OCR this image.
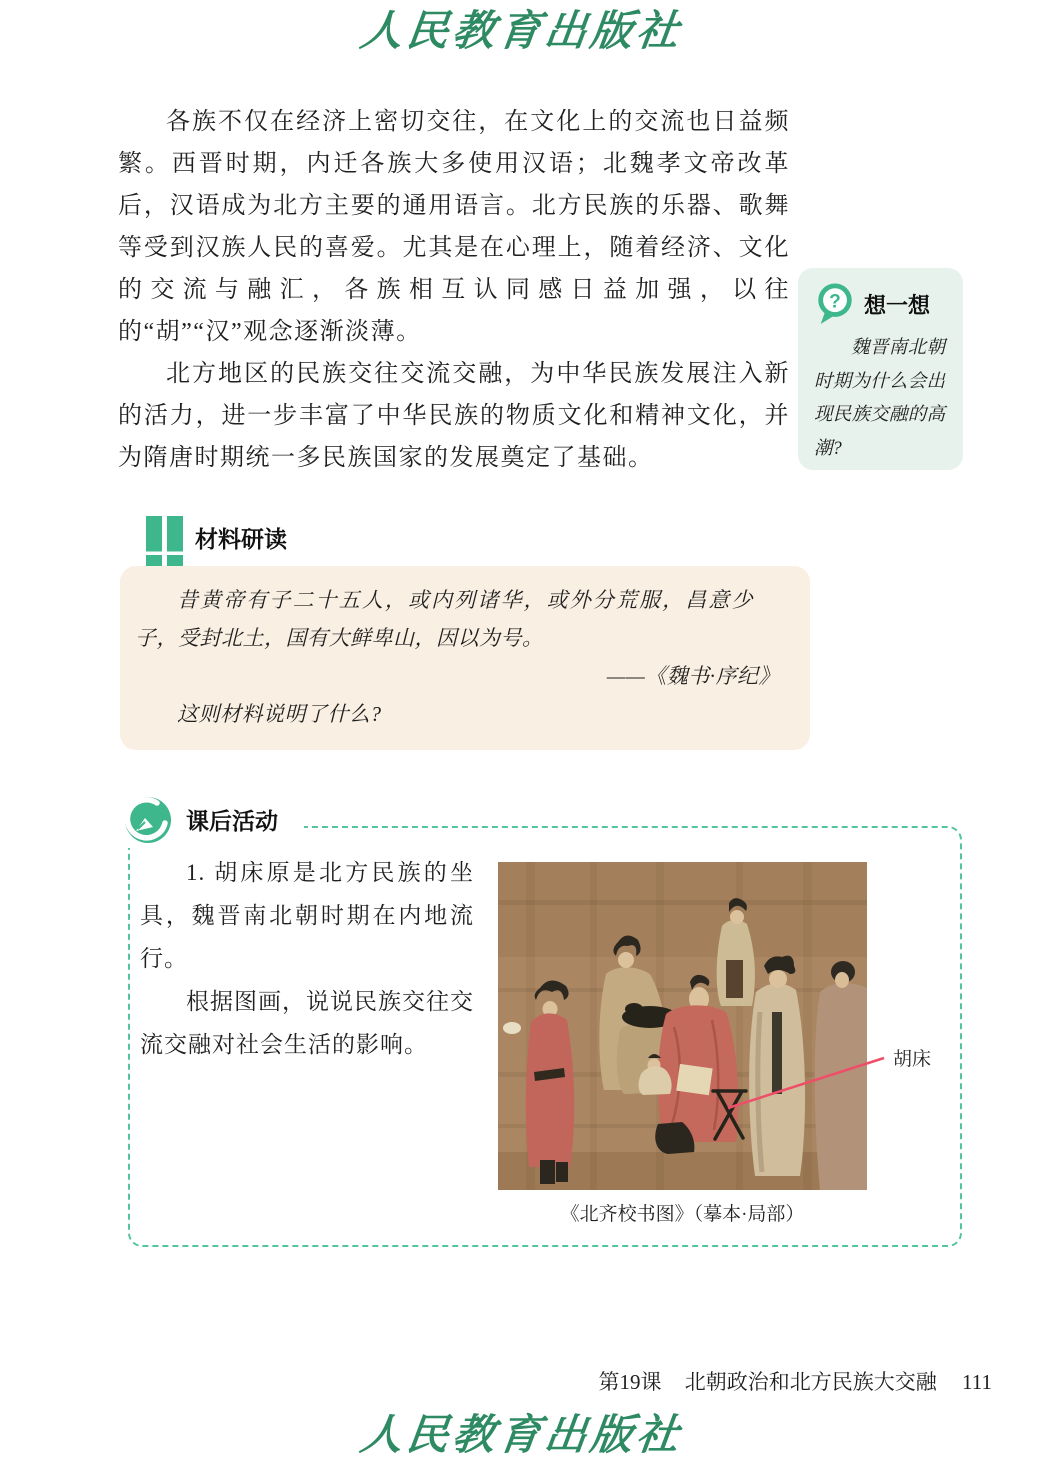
人民教育出版社

各族不仅在经济上密切交往，在文化上的交流也日益频繁。西晋时期，内迁各族大多使用汉语；北魏孝文帝改革后，汉语成为北方主要的通用语言。北方民族的乐器、歌舞等受到汉族人民的喜爱。尤其是在心理上，随着经济、文化的交流与融汇，各族相互认同感日益加强，以往的“胡”“汉”观念逐渐淡薄。

北方地区的民族交往交流交融，为中华民族发展注入新的活力，进一步丰富了中华民族的物质文化和精神文化，并为隋唐时期统一多民族国家的发展奠定了基础。

? 想一想

魏晋南北朝时期为什么会出现民族交融的高潮?

材料研读

昔黄帝有子二十五人，或内列诸华，或外分荒服，昌意少子，受封北土，国有大鲜卑山，因以为号。

——《魏书·序纪》

这则材料说明了什么?

课后活动

1. 胡床原是北方民族的坐具，魏晋南北朝时期在内地流行。

根据图画，说说民族交往交流交融对社会生活的影响。

《北齐校书图》（摹本·局部）
胡床
第19课 北朝政治和北方民族大交融 111
人民教育出版社
